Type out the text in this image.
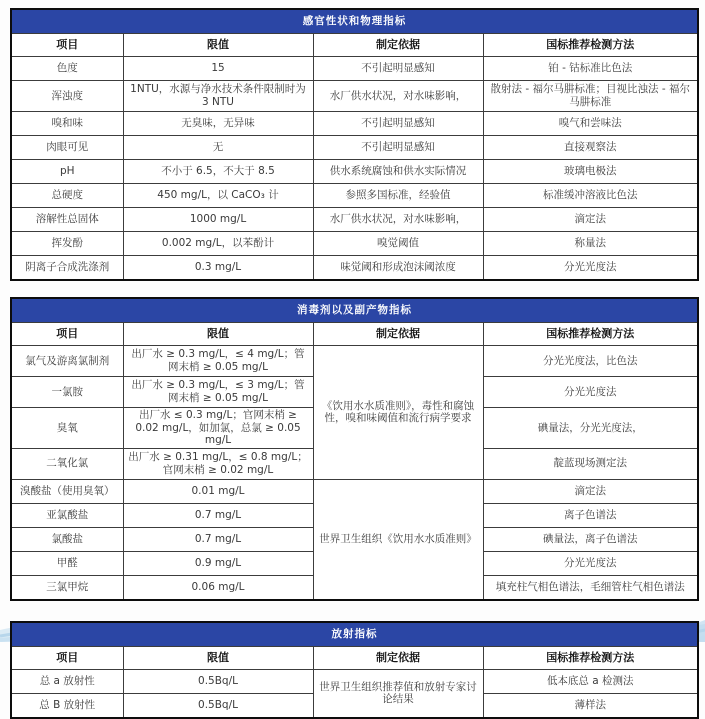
感官性状和物理指标			
项目	限值	制定依据	国标推荐检测方法
色度	15	不引起明显感知	铂 - 钴标准比色法
浑浊度	1NTU，水源与净水技术条件限制时为 3 NTU	水厂供水状况，对水味影响，	散射法 - 福尔马肼标准；目视比浊法 - 福尔马肼标准
嗅和味	无臭味，无异味	不引起明显感知	嗅气和尝味法
肉眼可见	无	不引起明显感知	直接观察法
pH	不小于 6.5，不大于 8.5	供水系统腐蚀和供水实际情况	玻璃电极法
总硬度	450 mg/L，以 CaCO₃ 计	参照多国标准，经验值	标准缓冲溶液比色法
溶解性总固体	1000 mg/L	水厂供水状况，对水味影响，	滴定法
挥发酚	0.002 mg/L，以苯酚计	嗅觉阈值	称量法
阴离子合成洗涤剂	0.3 mg/L	味觉阈和形成泡沫阈浓度	分光光度法
消毒剂以及副产物指标			
项目	限值	制定依据	国标推荐检测方法
氯气及游离氯制剂	出厂水 ≥ 0.3 mg/L，≤ 4 mg/L；管网末梢 ≥ 0.05 mg/L	《饮用水水质准则》，毒性和腐蚀性，嗅和味阈值和流行病学要求	分光光度法，比色法
一氯胺	出厂水 ≥ 0.3 mg/L，≤ 3 mg/L；管网末梢 ≥ 0.05 mg/L		分光光度法
臭氧	出厂水 ≤ 0.3 mg/L；官网末梢 ≥ 0.02 mg/L，如加氯，总氯 ≥ 0.05 mg/L		碘量法，分光光度法，
二氧化氯	出厂水 ≥ 0.31 mg/L，≤ 0.8 mg/L；官网末梢 ≥ 0.02 mg/L		靛蓝现场测定法
溴酸盐（使用臭氧）	0.01 mg/L	世界卫生组织《饮用水水质准则》	滴定法
亚氯酸盐	0.7 mg/L		离子色谱法
氯酸盐	0.7 mg/L		碘量法，离子色谱法
甲醛	0.9 mg/L		分光光度法
三氯甲烷	0.06 mg/L		填充柱气相色谱法，毛细管柱气相色谱法
放射指标			
项目	限值	制定依据	国标推荐检测方法
总 a 放射性	0.5Bq/L	世界卫生组织推荐值和放射专家讨论结果	低本底总 a 检测法
总 B 放射性	0.5Bq/L		薄样法
